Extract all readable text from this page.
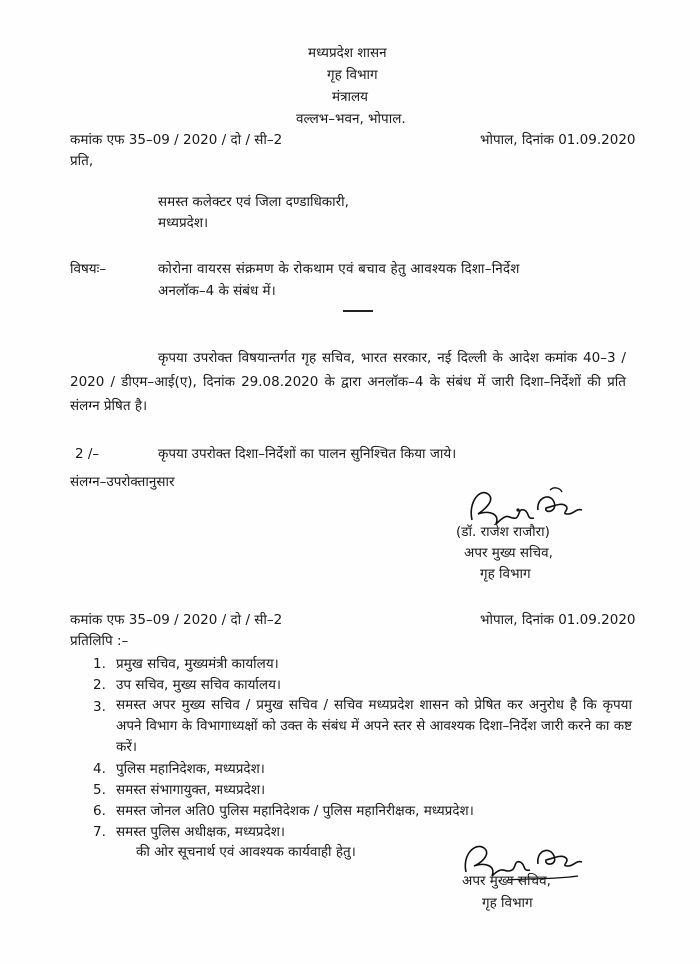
मध्यप्रदेश शासन
गृह विभाग
मंत्रालय
वल्लभ–भवन, भोपाल.
कमांक एफ 35–09 / 2020 / दो / सी–2	भोपाल, दिनांक 01.09.2020
प्रति,
समस्त कलेक्टर एवं जिला दण्डाधिकारी,
मध्यप्रदेश।
विषयः–	कोरोना वायरस संक्रमण के रोकथाम एवं बचाव हेतु आवश्यक दिशा–निर्देश
अनलॉक–4 के संबंध में।
कृपया उपरोक्त विषयान्तर्गत गृह सचिव, भारत सरकार, नई दिल्ली के आदेश कमांक 40–3 / 2020 / डीएम–आई(ए), दिनांक 29.08.2020 के द्वारा अनलॉक–4 के संबंध में जारी दिशा–निर्देशों की प्रति संलग्न प्रेषित है।
2 /–	कृपया उपरोक्त दिशा–निर्देशों का पालन सुनिश्चित किया जाये।
संलग्न–उपरोक्तानुसार
(डॉ. राजेश राजौरा)
अपर मुख्य सचिव,
गृह विभाग
कमांक एफ 35–09 / 2020 / दो / सी–2	भोपाल, दिनांक 01.09.2020
प्रतिलिपि :–
1. प्रमुख सचिव, मुख्यमंत्री कार्यालय।
2. उप सचिव, मुख्य सचिव कार्यालय।
3. समस्त अपर मुख्य सचिव / प्रमुख सचिव / सचिव मध्यप्रदेश शासन को प्रेषित कर अनुरोध है कि कृपया अपने विभाग के विभागाध्यक्षों को उक्त के संबंध में अपने स्तर से आवश्यक दिशा–निर्देश जारी करने का कष्ट करें।
4. पुलिस महानिदेशक, मध्यप्रदेश।
5. समस्त संभागायुक्त, मध्यप्रदेश।
6. समस्त जोनल अति0 पुलिस महानिदेशक / पुलिस महानिरीक्षक, मध्यप्रदेश।
7. समस्त पुलिस अधीक्षक, मध्यप्रदेश।
की ओर सूचनार्थ एवं आवश्यक कार्यवाही हेतु।
अपर मुख्य सचिव,
गृह विभाग
